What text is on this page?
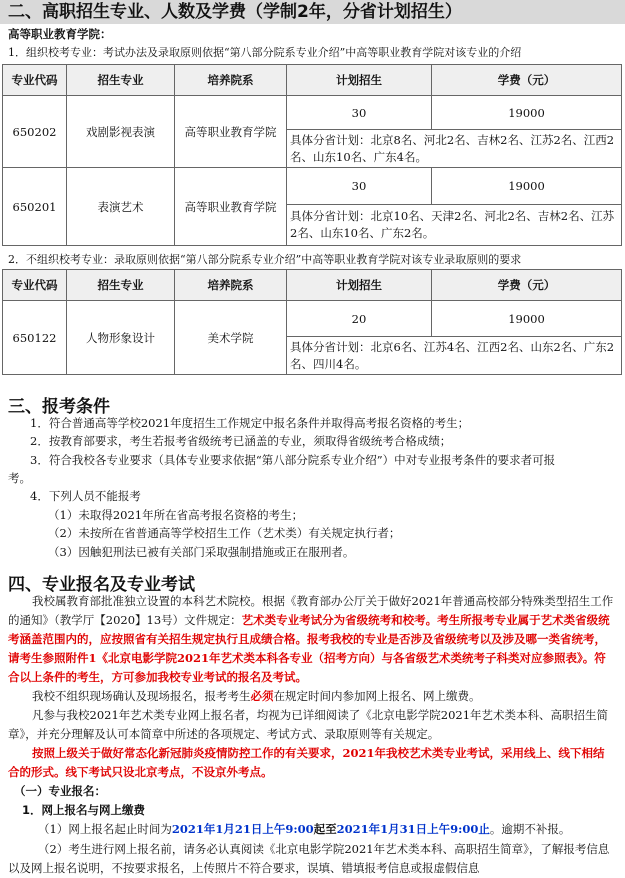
二、高职招生专业、人数及学费（学制2年，分省计划招生）
高等职业教育学院：
1．组织校考专业：考试办法及录取原则依据“第八部分院系专业介绍”中高等职业教育学院对该专业的介绍
专业代码	招生专业	培养院系	计划招生	学费（元）
650202	戏剧影视表演	高等职业教育学院	30	19000
			具体分省计划：北京8名、河北2名、吉林2名、江苏2名、江西2名、山东10名、广东4名。	
650201	表演艺术	高等职业教育学院	30	19000
			具体分省计划：北京10名、天津2名、河北2名、吉林2名、江苏2名、山东10名、广东2名。	
2．不组织校考专业：录取原则依据“第八部分院系专业介绍”中高等职业教育学院对该专业录取原则的要求
专业代码	招生专业	培养院系	计划招生	学费（元）
650122	人物形象设计	美术学院	20	19000
			具体分省计划：北京6名、江苏4名、江西2名、山东2名、广东2名、四川4名。	
三、报考条件
1．符合普通高等学校2021年度招生工作规定中报名条件并取得高考报名资格的考生；
2．按教育部要求，考生若报考省级统考已涵盖的专业，须取得省级统考合格成绩；
3．符合我校各专业要求（具体专业要求依据“第八部分院系专业介绍”）中对专业报考条件的要求者可报
考。
4．下列人员不能报考
（1）未取得2021年所在省高考报名资格的考生；
（2）未按所在省普通高等学校招生工作（艺术类）有关规定执行者；
（3）因触犯刑法已被有关部门采取强制措施或正在服刑者。
四、专业报名及专业考试
我校属教育部批准独立设置的本科艺术院校。根据《教育部办公厅关于做好2021年普通高校部分特殊类型招生工作的通知》（教学厅【2020】13号）文件规定：艺术类专业考试分为省级统考和校考。考生所报考专业属于艺术类省级统考涵盖范围内的，应按照省有关招生规定执行且成绩合格。报考我校的专业是否涉及省级统考以及涉及哪一类省统考，请考生参照附件1《北京电影学院2021年艺术类本科各专业（招考方向）与各省级艺术类统考子科类对应参照表》。符合以上条件的考生，方可参加我校专业考试的报名及考试。
我校不组织现场确认及现场报名，报考考生必须在规定时间内参加网上报名、网上缴费。
凡参与我校2021年艺术类专业网上报名者，均视为已详细阅读了《北京电影学院2021年艺术类本科、高职招生简章》，并充分理解及认可本简章中所述的各项规定、考试方式、录取原则等有关规定。
按照上级关于做好常态化新冠肺炎疫情防控工作的有关要求，2021年我校艺术类专业考试，采用线上、线下相结合的形式。线下考试只设北京考点，不设京外考点。
（一）专业报名：
1．网上报名与网上缴费
（1）网上报名起止时间为2021年1月21日上午9:00起至2021年1月31日上午9:00止。逾期不补报。
（2）考生进行网上报名前，请务必认真阅读《北京电影学院2021年艺术类本科、高职招生简章》，了解报考信息以及网上报名说明，不按要求报名，上传照片不符合要求，误填、错填报考信息或报虚假信息
